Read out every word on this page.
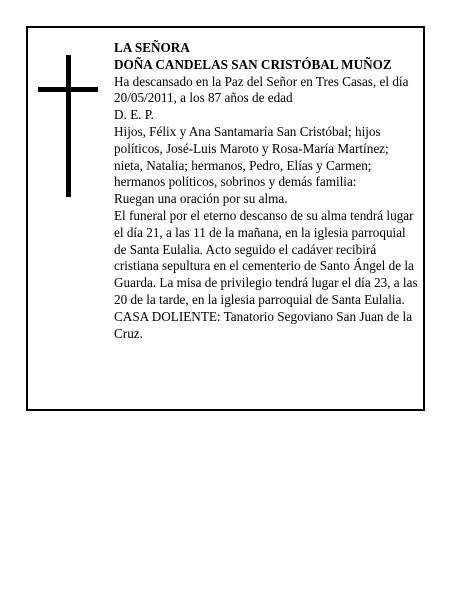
LA SEÑORA

DOÑA CANDELAS SAN CRISTÓBAL MUÑOZ

Ha descansado en la Paz del Señor en Tres Casas, el día 20/05/2011, a los 87 años de edad

D. E. P.

Hijos, Félix y Ana Santamaría San Cristóbal; hijos políticos, José-Luis Maroto y Rosa-María Martínez; nieta, Natalia; hermanos, Pedro, Elías y Carmen; hermanos políticos, sobrinos y demás familia:

Ruegan una oración por su alma.

El funeral por el eterno descanso de su alma tendrá lugar el día 21, a las 11 de la mañana, en la iglesia parroquial de Santa Eulalia. Acto seguido el cadáver recibirá cristiana sepultura en el cementerio de Santo Ángel de la Guarda. La misa de privilegio tendrá lugar el día 23, a las 20 de la tarde, en la iglesia parroquial de Santa Eulalia.

CASA DOLIENTE: Tanatorio Segoviano San Juan de la Cruz.
